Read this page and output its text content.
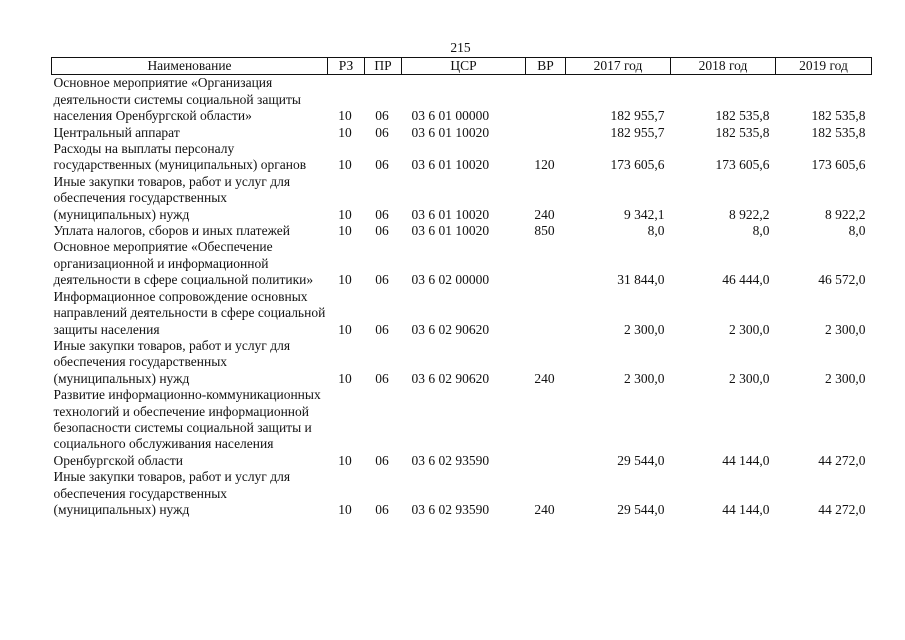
215
Наименование	РЗ	ПР	ЦСР	ВР	2017 год	2018 год	2019 год
Основное мероприятие «Организация деятельности системы социальной защиты населения Оренбургской области»	10	06	03 6 01 00000		182 955,7	182 535,8	182 535,8
Центральный аппарат	10	06	03 6 01 10020		182 955,7	182 535,8	182 535,8
Расходы на выплаты персоналу государственных (муниципальных) органов	10	06	03 6 01 10020	120	173 605,6	173 605,6	173 605,6
Иные закупки товаров, работ и услуг для обеспечения государственных (муниципальных) нужд	10	06	03 6 01 10020	240	9 342,1	8 922,2	8 922,2
Уплата налогов, сборов и иных платежей	10	06	03 6 01 10020	850	8,0	8,0	8,0
Основное мероприятие «Обеспечение организационной и информационной деятельности в сфере социальной политики»	10	06	03 6 02 00000		31 844,0	46 444,0	46 572,0
Информационное сопровождение основных направлений деятельности в сфере социальной защиты населения	10	06	03 6 02 90620		2 300,0	2 300,0	2 300,0
Иные закупки товаров, работ и услуг для обеспечения государственных (муниципальных) нужд	10	06	03 6 02 90620	240	2 300,0	2 300,0	2 300,0
Развитие информационно-коммуникационных технологий и обеспечение информационной безопасности системы социальной защиты и социального обслуживания населения Оренбургской области	10	06	03 6 02 93590		29 544,0	44 144,0	44 272,0
Иные закупки товаров, работ и услуг для обеспечения государственных (муниципальных) нужд	10	06	03 6 02 93590	240	29 544,0	44 144,0	44 272,0
